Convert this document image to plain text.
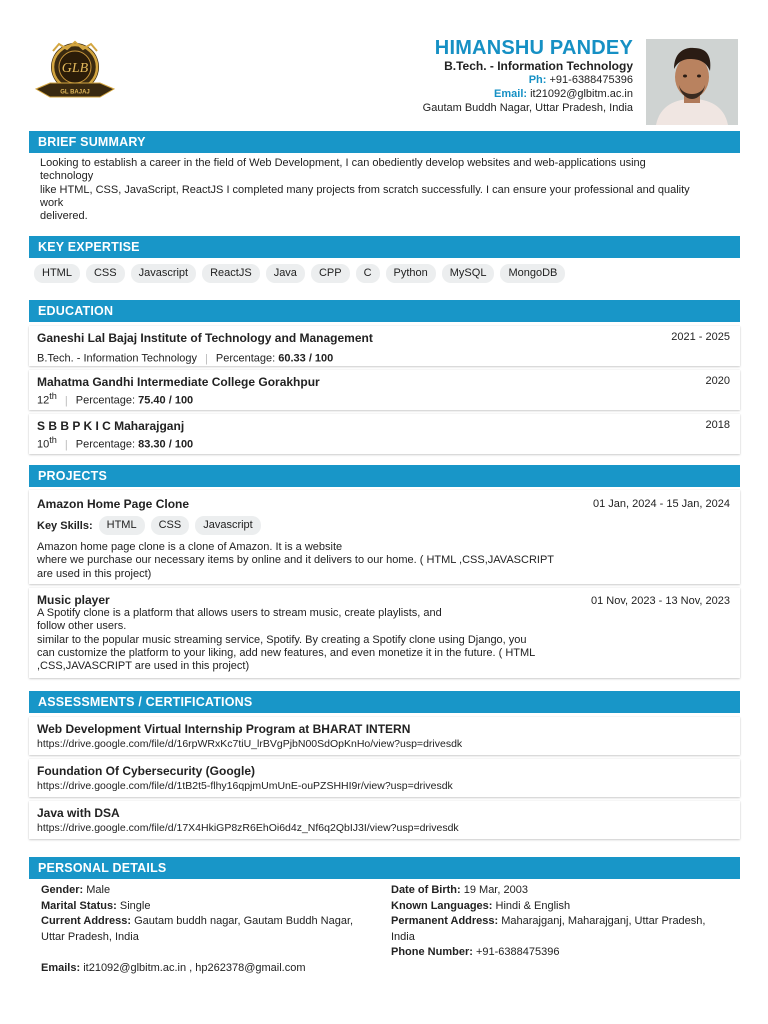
GLB
GL BAJAJ
HIMANSHU PANDEY
B.Tech. - Information Technology
Ph: +91-6388475396
Email: it21092@glbitm.ac.in
Gautam Buddh Nagar, Uttar Pradesh, India
BRIEF SUMMARY
Looking to establish a career in the field of Web Development, I can obediently develop websites and web-applications using
technology
like HTML, CSS, JavaScript, ReactJS I completed many projects from scratch successfully. I can ensure your professional and quality
work
delivered.
KEY EXPERTISE
HTML	CSS	Javascript	ReactJS	Java	CPP	C	Python	MySQL	MongoDB
EDUCATION
Ganeshi Lal Bajaj Institute of Technology and Management	2021 - 2025
B.Tech. - Information Technology | Percentage: 60.33 / 100
Mahatma Gandhi Intermediate College Gorakhpur	2020
12th | Percentage: 75.40 / 100
S B B P K I C Maharajganj	2018
10th | Percentage: 83.30 / 100
PROJECTS
Amazon Home Page Clone	01 Jan, 2024 - 15 Jan, 2024
Key Skills:	HTML	CSS	Javascript
Amazon home page clone is a clone of Amazon. It is a website
where we purchase our necessary items by online and it delivers to our home. ( HTML ,CSS,JAVASCRIPT
are used in this project)
Music player	01 Nov, 2023 - 13 Nov, 2023
A Spotify clone is a platform that allows users to stream music, create playlists, and
follow other users.
similar to the popular music streaming service, Spotify. By creating a Spotify clone using Django, you
can customize the platform to your liking, add new features, and even monetize it in the future. ( HTML
,CSS,JAVASCRIPT are used in this project)
ASSESSMENTS / CERTIFICATIONS
Web Development Virtual Internship Program at BHARAT INTERN
https://drive.google.com/file/d/16rpWRxKc7tiU_lrBVgPjbN00SdOpKnHo/view?usp=drivesdk
Foundation Of Cybersecurity (Google)
https://drive.google.com/file/d/1tB2t5-flhy16qpjmUmUnE-ouPZSHHI9r/view?usp=drivesdk
Java with DSA
https://drive.google.com/file/d/17X4HkiGP8zR6EhOi6d4z_Nf6q2QbIJ3I/view?usp=drivesdk
PERSONAL DETAILS
Gender: Male
Marital Status: Single
Current Address: Gautam buddh nagar, Gautam Buddh Nagar,
Uttar Pradesh, India
Emails: it21092@glbitm.ac.in , hp262378@gmail.com
Date of Birth: 19 Mar, 2003
Known Languages: Hindi & English
Permanent Address: Maharajganj, Maharajganj, Uttar Pradesh,
India
Phone Number: +91-6388475396
